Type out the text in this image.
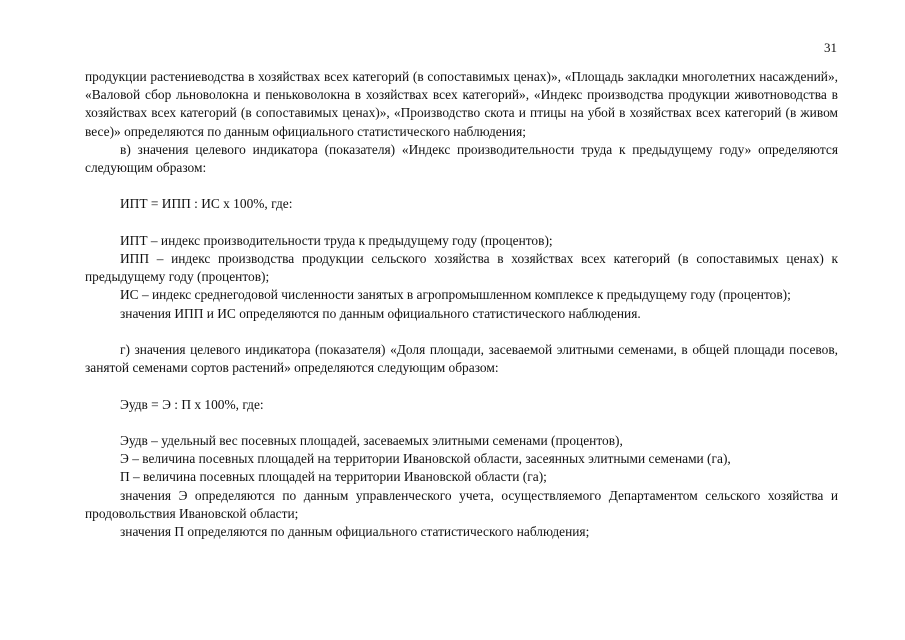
31

продукции растениеводства в хозяйствах всех категорий (в сопоставимых ценах)», «Площадь закладки многолетних насаждений», «Валовой сбор льноволокна и пеньковолокна в хозяйствах всех категорий», «Индекс производства продукции животноводства в хозяйствах всех категорий (в сопоставимых ценах)», «Производство скота и птицы на убой в хозяйствах всех категорий (в живом весе)» определяются по данным официального статистического наблюдения;

в) значения целевого индикатора (показателя) «Индекс производительности труда к предыдущему году» определяются следующим образом:

ИПТ = ИПП : ИС х 100%, где:

ИПТ – индекс производительности труда к предыдущему году (процентов);

ИПП – индекс производства продукции сельского хозяйства в хозяйствах всех категорий (в сопоставимых ценах) к предыдущему году (процентов);

ИС – индекс среднегодовой численности занятых в агропромышленном комплексе к предыдущему году (процентов);

значения ИПП и ИС определяются по данным официального статистического наблюдения.

г) значения целевого индикатора (показателя) «Доля площади, засеваемой элитными семенами, в общей площади посевов, занятой семенами сортов растений» определяются следующим образом:

Эудв = Э : П х 100%, где:

Эудв – удельный вес посевных площадей, засеваемых элитными семенами (процентов),

Э – величина посевных площадей на территории Ивановской области, засеянных элитными семенами (га),

П – величина посевных площадей на территории Ивановской области (га);

значения Э определяются по данным управленческого учета, осуществляемого Департаментом сельского хозяйства и продовольствия Ивановской области;

значения П определяются по данным официального статистического наблюдения;
